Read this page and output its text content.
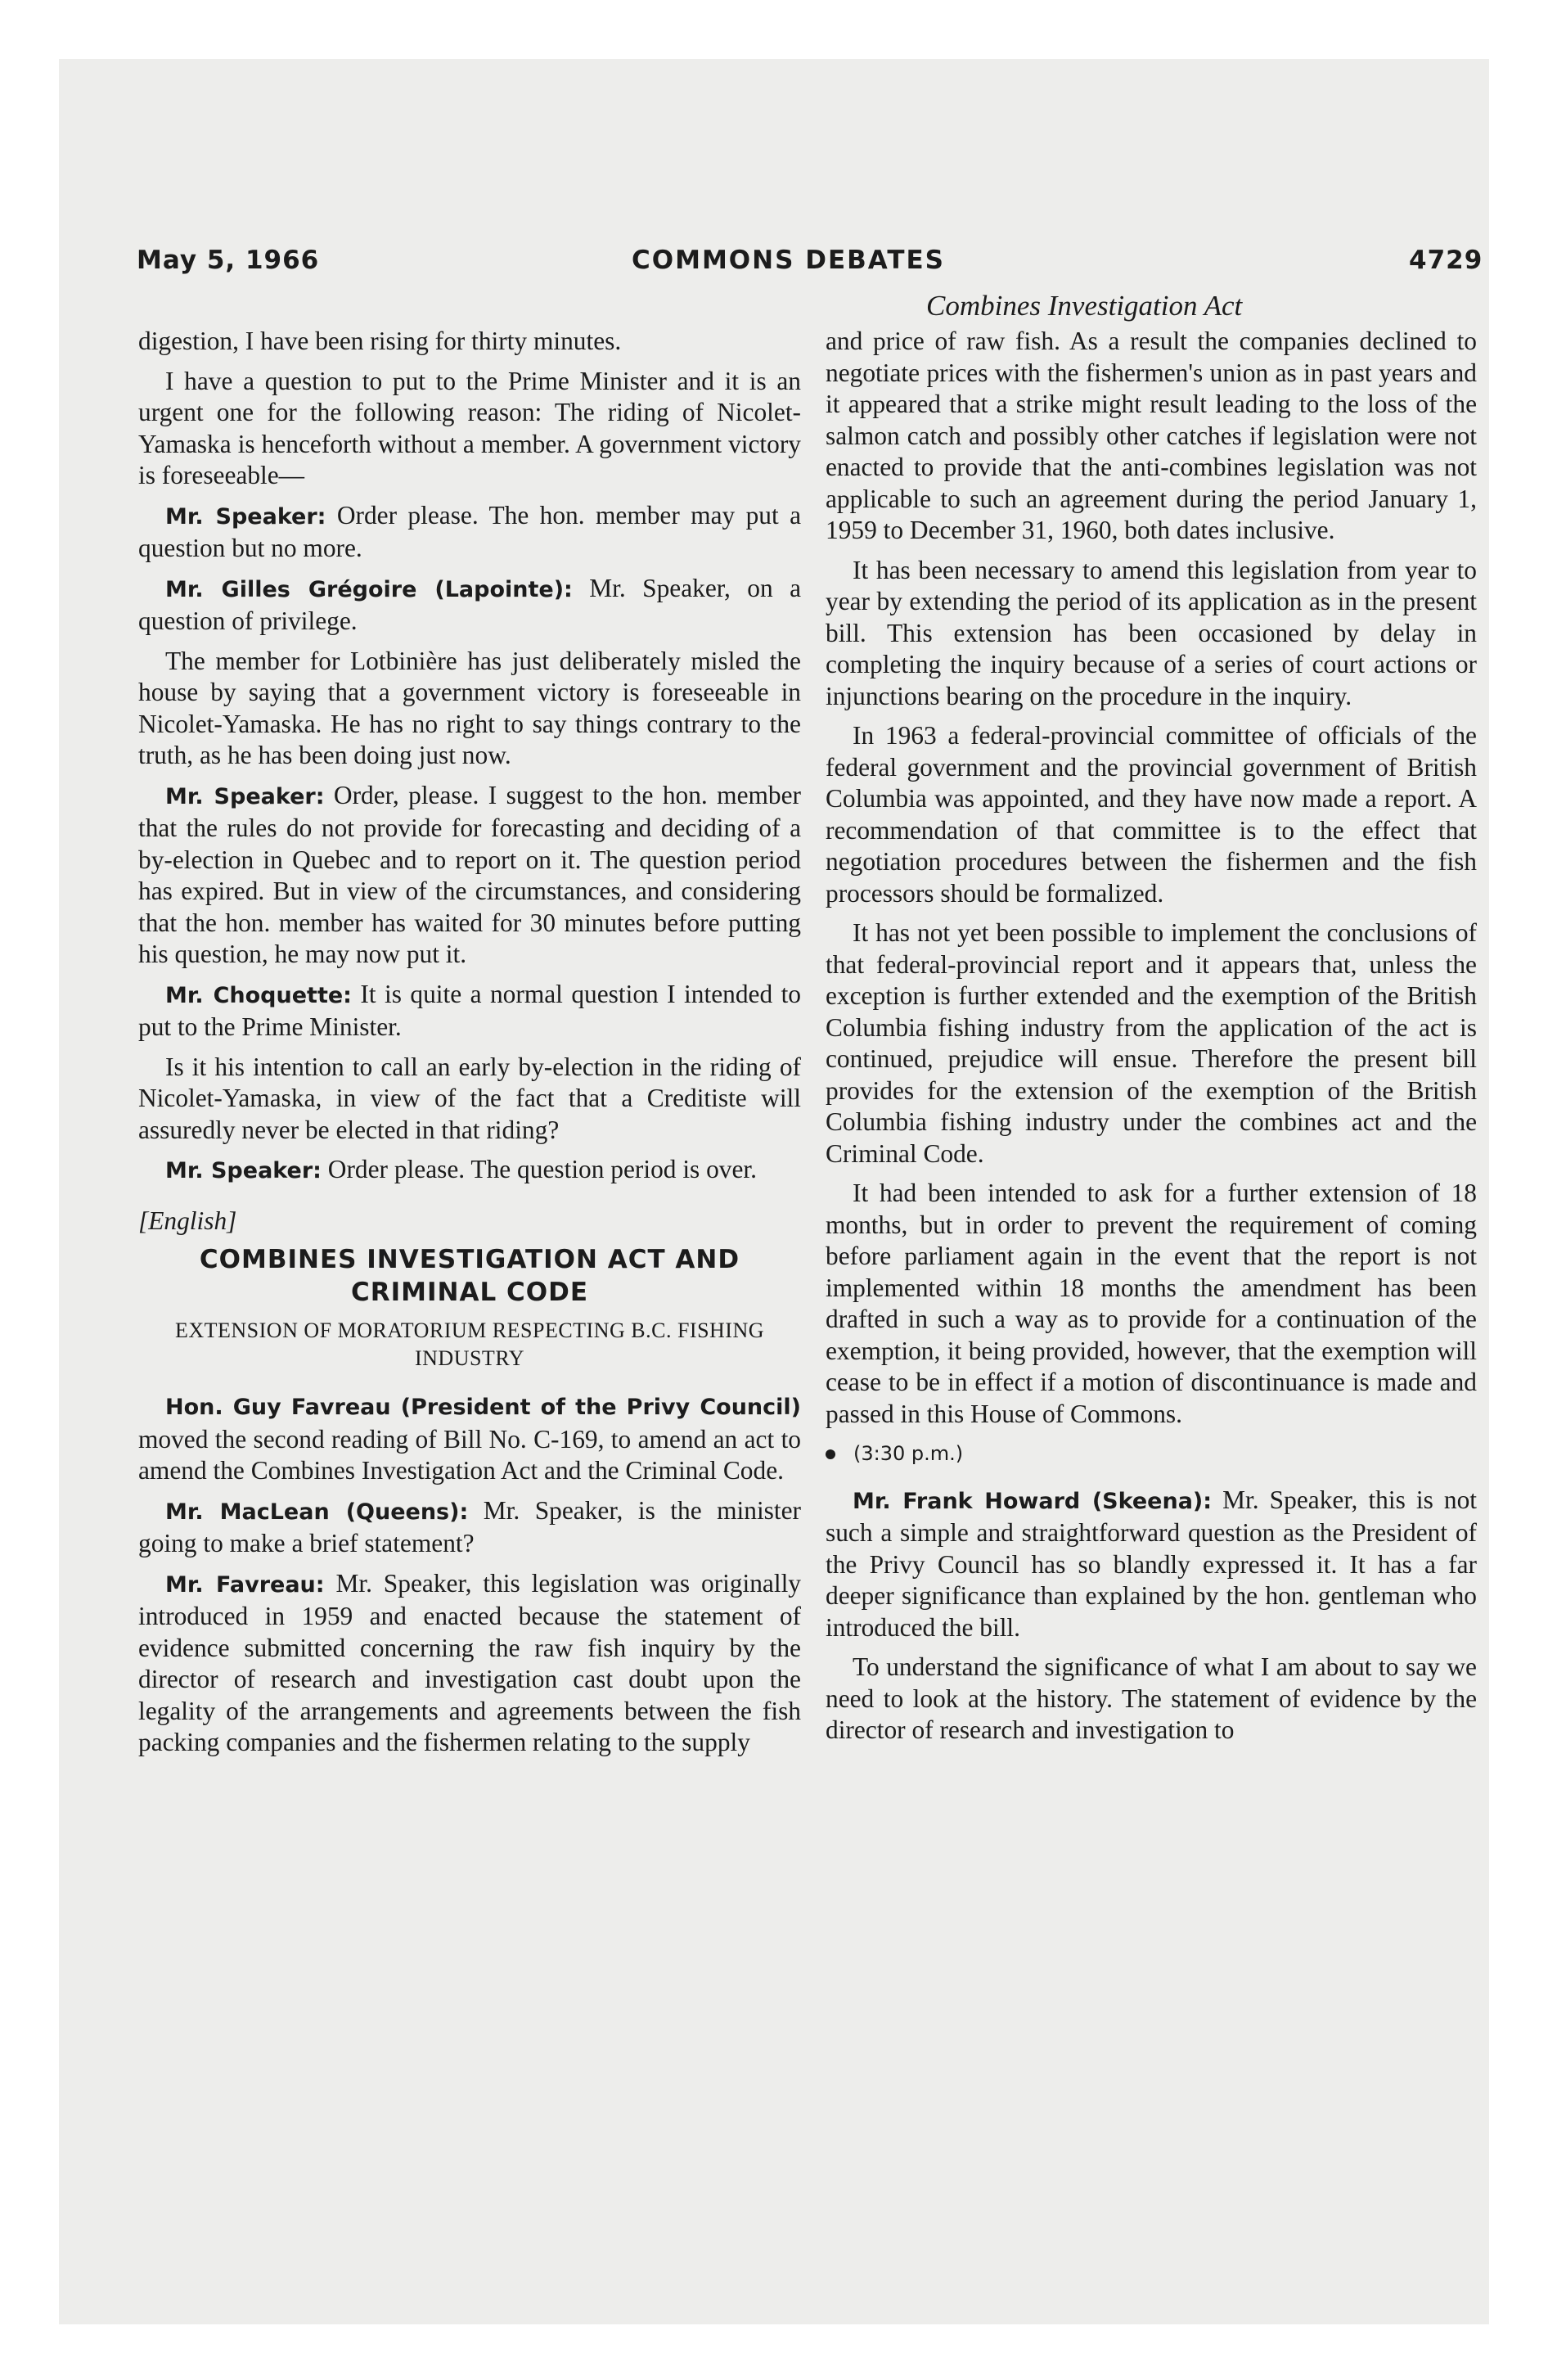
May 5, 1966	COMMONS DEBATES	4729
Combines Investigation Act

digestion, I have been rising for thirty minutes.

I have a question to put to the Prime Minister and it is an urgent one for the following reason: The riding of Nicolet-Yamaska is henceforth without a member. A government victory is foreseeable—

Mr. Speaker: Order please. The hon. member may put a question but no more.

Mr. Gilles Grégoire (Lapointe): Mr. Speaker, on a question of privilege.

The member for Lotbinière has just deliberately misled the house by saying that a government victory is foreseeable in Nicolet-Yamaska. He has no right to say things contrary to the truth, as he has been doing just now.

Mr. Speaker: Order, please. I suggest to the hon. member that the rules do not provide for forecasting and deciding of a by-election in Quebec and to report on it. The question period has expired. But in view of the circumstances, and considering that the hon. member has waited for 30 minutes before putting his question, he may now put it.

Mr. Choquette: It is quite a normal question I intended to put to the Prime Minister.

Is it his intention to call an early by-election in the riding of Nicolet-Yamaska, in view of the fact that a Creditiste will assuredly never be elected in that riding?

Mr. Speaker: Order please. The question period is over.

[English]
COMBINES INVESTIGATION ACT AND CRIMINAL CODE
EXTENSION OF MORATORIUM RESPECTING B.C. FISHING INDUSTRY

Hon. Guy Favreau (President of the Privy Council) moved the second reading of Bill No. C-169, to amend an act to amend the Combines Investigation Act and the Criminal Code.

Mr. MacLean (Queens): Mr. Speaker, is the minister going to make a brief statement?

Mr. Favreau: Mr. Speaker, this legislation was originally introduced in 1959 and enacted because the statement of evidence submitted concerning the raw fish inquiry by the director of research and investigation cast doubt upon the legality of the arrangements and agreements between the fish packing companies and the fishermen relating to the supply

and price of raw fish. As a result the companies declined to negotiate prices with the fishermen's union as in past years and it appeared that a strike might result leading to the loss of the salmon catch and possibly other catches if legislation were not enacted to provide that the anti-combines legislation was not applicable to such an agreement during the period January 1, 1959 to December 31, 1960, both dates inclusive.

It has been necessary to amend this legislation from year to year by extending the period of its application as in the present bill. This extension has been occasioned by delay in completing the inquiry because of a series of court actions or injunctions bearing on the procedure in the inquiry.

In 1963 a federal-provincial committee of officials of the federal government and the provincial government of British Columbia was appointed, and they have now made a report. A recommendation of that committee is to the effect that negotiation procedures between the fishermen and the fish processors should be formalized.

It has not yet been possible to implement the conclusions of that federal-provincial report and it appears that, unless the exception is further extended and the exemption of the British Columbia fishing industry from the application of the act is continued, prejudice will ensue. Therefore the present bill provides for the extension of the exemption of the British Columbia fishing industry under the combines act and the Criminal Code.

It had been intended to ask for a further extension of 18 months, but in order to prevent the requirement of coming before parliament again in the event that the report is not implemented within 18 months the amendment has been drafted in such a way as to provide for a continuation of the exemption, it being provided, however, that the exemption will cease to be in effect if a motion of discontinuance is made and passed in this House of Commons.

(3:30 p.m.)

Mr. Frank Howard (Skeena): Mr. Speaker, this is not such a simple and straightforward question as the President of the Privy Council has so blandly expressed it. It has a far deeper significance than explained by the hon. gentleman who introduced the bill.

To understand the significance of what I am about to say we need to look at the history. The statement of evidence by the director of research and investigation to
